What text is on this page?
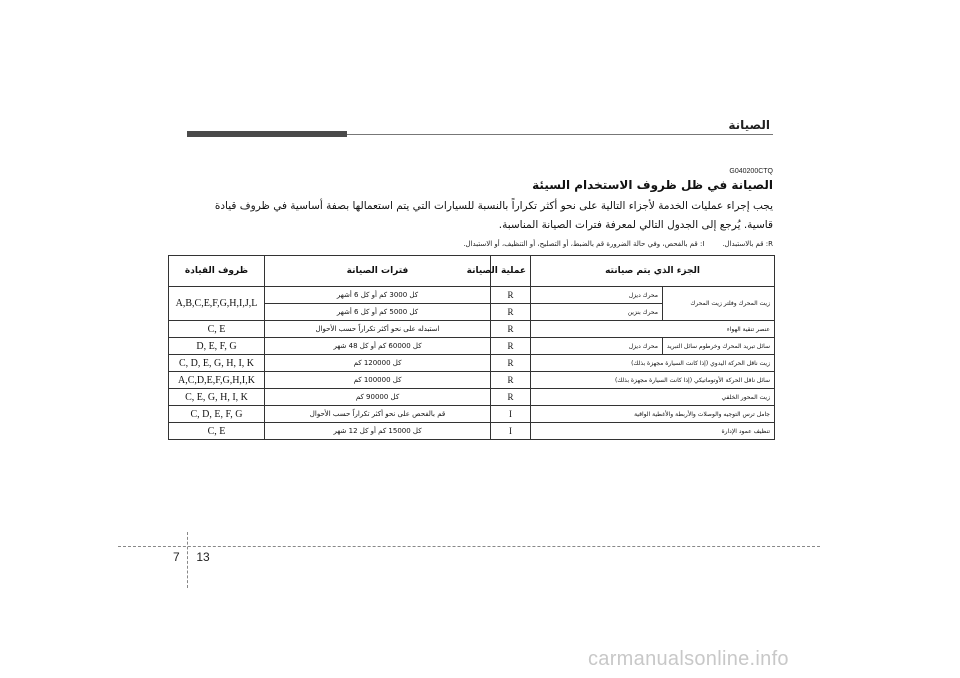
الصيانة
G040200CTQ
الصيانة في ظل ظروف الاستخدام السيئة
يجب إجراء عمليات الخدمة لأجزاء التالية على نحو أكثر تكراراً بالنسبة للسيارات التي يتم استعمالها بصفة أساسية في ظروف قيادة قاسية. يُرجع إلى الجدول التالي لمعرفة فترات الصيانة المناسبة.
R: قم بالاستبدال.        I: قم بالفحص، وفي حالة الضرورة قم بالضبط، أو التصليح، أو التنظيف، أو الاستبدال.
الجزء الذي يتم صيانته		عملية الصيانة	فترات الصيانة	ظروف القيادة
زيت المحرك وفلتر زيت المحرك	محرك ديزل	R	كل 3000 كم أو كل 6 أشهر	A,B,C,E,F,G,H,I,J,L
	محرك بنزين	R	كل 5000 كم أو كل 6 أشهر	
عنصر تنقية الهواء		R	استبدله على نحو أكثر تكراراً حسب الأحوال	C, E
سائل تبريد المحرك وخرطوم سائل التبريد	محرك ديزل	R	كل 60000 كم أو كل 48 شهر	D, E, F, G
زيت ناقل الحركة اليدوي (إذا كانت السيارة مجهزة بذلك)		R	كل 120000 كم	C, D, E, G, H, I, K
سائل ناقل الحركة الأوتوماتيكي (إذا كانت السيارة مجهزة بذلك)		R	كل 100000 كم	A,C,D,E,F,G,H,I,K
زيت المحور الخلفي		R	كل 90000 كم	C, E, G, H, I, K
جامل ترس التوجيه والوصلات والأربطة والأغطية الواقية		I	قم بالفحص على نحو أكثر تكراراً حسب الأحوال	C, D, E, F, G
تنظيف عمود الإدارة		I	كل 15000 كم أو كل 12 شهر	C, E
7 13
carmanualsonline.info
